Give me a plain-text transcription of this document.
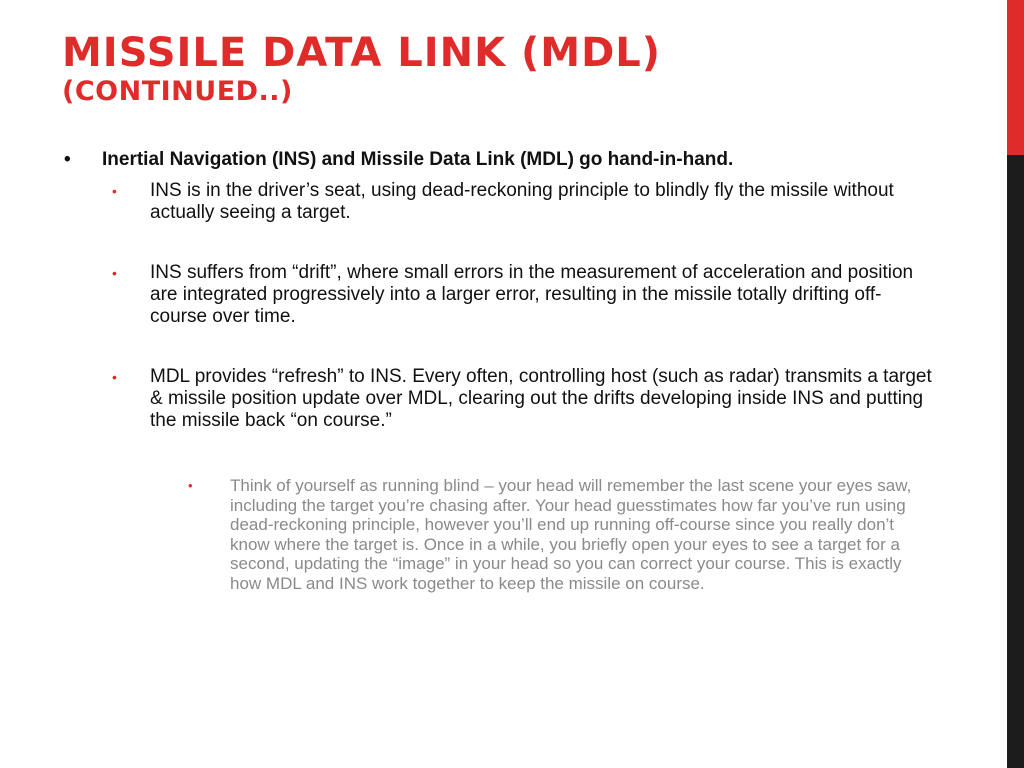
MISSILE DATA LINK (MDL)
(CONTINUED..)
•	Inertial Navigation (INS) and Missile Data Link (MDL) go hand-in-hand.
•	INS is in the driver’s seat, using dead-reckoning principle to blindly fly the missile without actually seeing a target.
•	INS suffers from “drift”, where small errors in the measurement of acceleration and position are integrated progressively into a larger error, resulting in the missile totally drifting off-course over time.
•	MDL provides “refresh” to INS. Every often, controlling host (such as radar) transmits a target & missile position update over MDL, clearing out the drifts developing inside INS and putting the missile back “on course.”
•	Think of yourself as running blind – your head will remember the last scene your eyes saw, including the target you’re chasing after. Your head guesstimates how far you’ve run using dead-reckoning principle, however you’ll end up running off-course since you really don’t know where the target is. Once in a while, you briefly open your eyes to see a target for a second, updating the “image” in your head so you can correct your course. This is exactly how MDL and INS work together to keep the missile on course.
